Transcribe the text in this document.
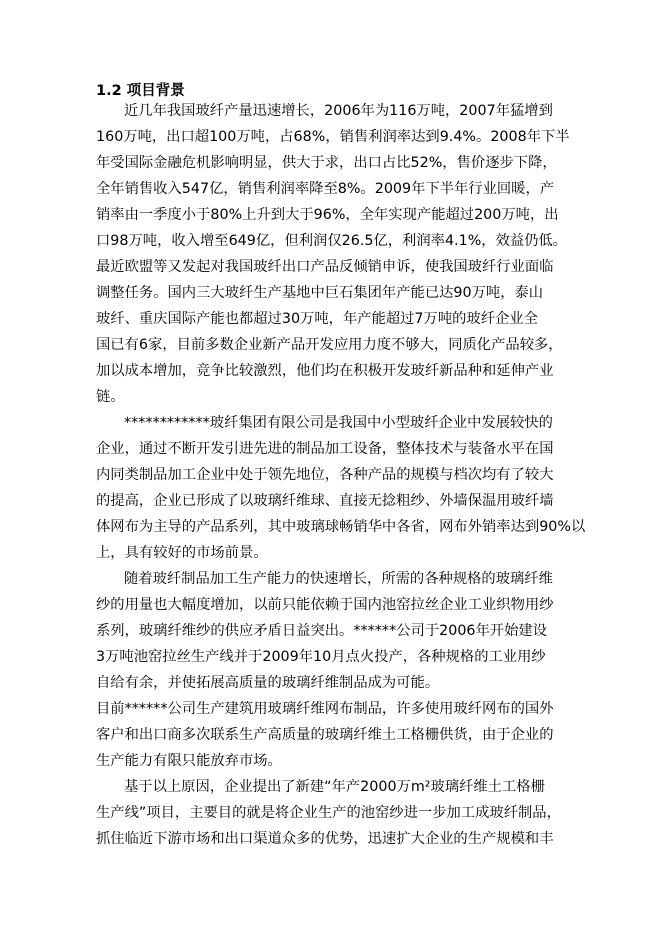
1.2 项目背景
近几年我国玻纤产量迅速增长，2006年为116万吨，2007年猛增到
160万吨，出口超100万吨，占68%，销售利润率达到9.4%。2008年下半
年受国际金融危机影响明显，供大于求，出口占比52%，售价逐步下降，
全年销售收入547亿，销售利润率降至8%。2009年下半年行业回暖，产
销率由一季度小于80%上升到大于96%，全年实现产能超过200万吨，出
口98万吨，收入增至649亿，但利润仅26.5亿，利润率4.1%，效益仍低。
最近欧盟等又发起对我国玻纤出口产品反倾销申诉，使我国玻纤行业面临
调整任务。国内三大玻纤生产基地中巨石集团年产能已达90万吨，泰山
玻纤、重庆国际产能也都超过30万吨，年产能超过7万吨的玻纤企业全
国已有6家，目前多数企业新产品开发应用力度不够大，同质化产品较多，
加以成本增加，竞争比较激烈，他们均在积极开发玻纤新品种和延伸产业
链。
************玻纤集团有限公司是我国中小型玻纤企业中发展较快的
企业，通过不断开发引进先进的制品加工设备，整体技术与装备水平在国
内同类制品加工企业中处于领先地位，各种产品的规模与档次均有了较大
的提高，企业已形成了以玻璃纤维球、直接无捻粗纱、外墙保温用玻纤墙
体网布为主导的产品系列，其中玻璃球畅销华中各省，网布外销率达到90%以
上，具有较好的市场前景。
随着玻纤制品加工生产能力的快速增长，所需的各种规格的玻璃纤维
纱的用量也大幅度增加，以前只能依赖于国内池窑拉丝企业工业织物用纱
系列，玻璃纤维纱的供应矛盾日益突出。******公司于2006年开始建设
3万吨池窑拉丝生产线并于2009年10月点火投产，各种规格的工业用纱
自给有余，并使拓展高质量的玻璃纤维制品成为可能。
目前******公司生产建筑用玻璃纤维网布制品，许多使用玻纤网布的国外
客户和出口商多次联系生产高质量的玻璃纤维土工格栅供货，由于企业的
生产能力有限只能放弃市场。
基于以上原因，企业提出了新建“年产2000万m²玻璃纤维土工格栅
生产线”项目，主要目的就是将企业生产的池窑纱进一步加工成玻纤制品，
抓住临近下游市场和出口渠道众多的优势，迅速扩大企业的生产规模和丰
